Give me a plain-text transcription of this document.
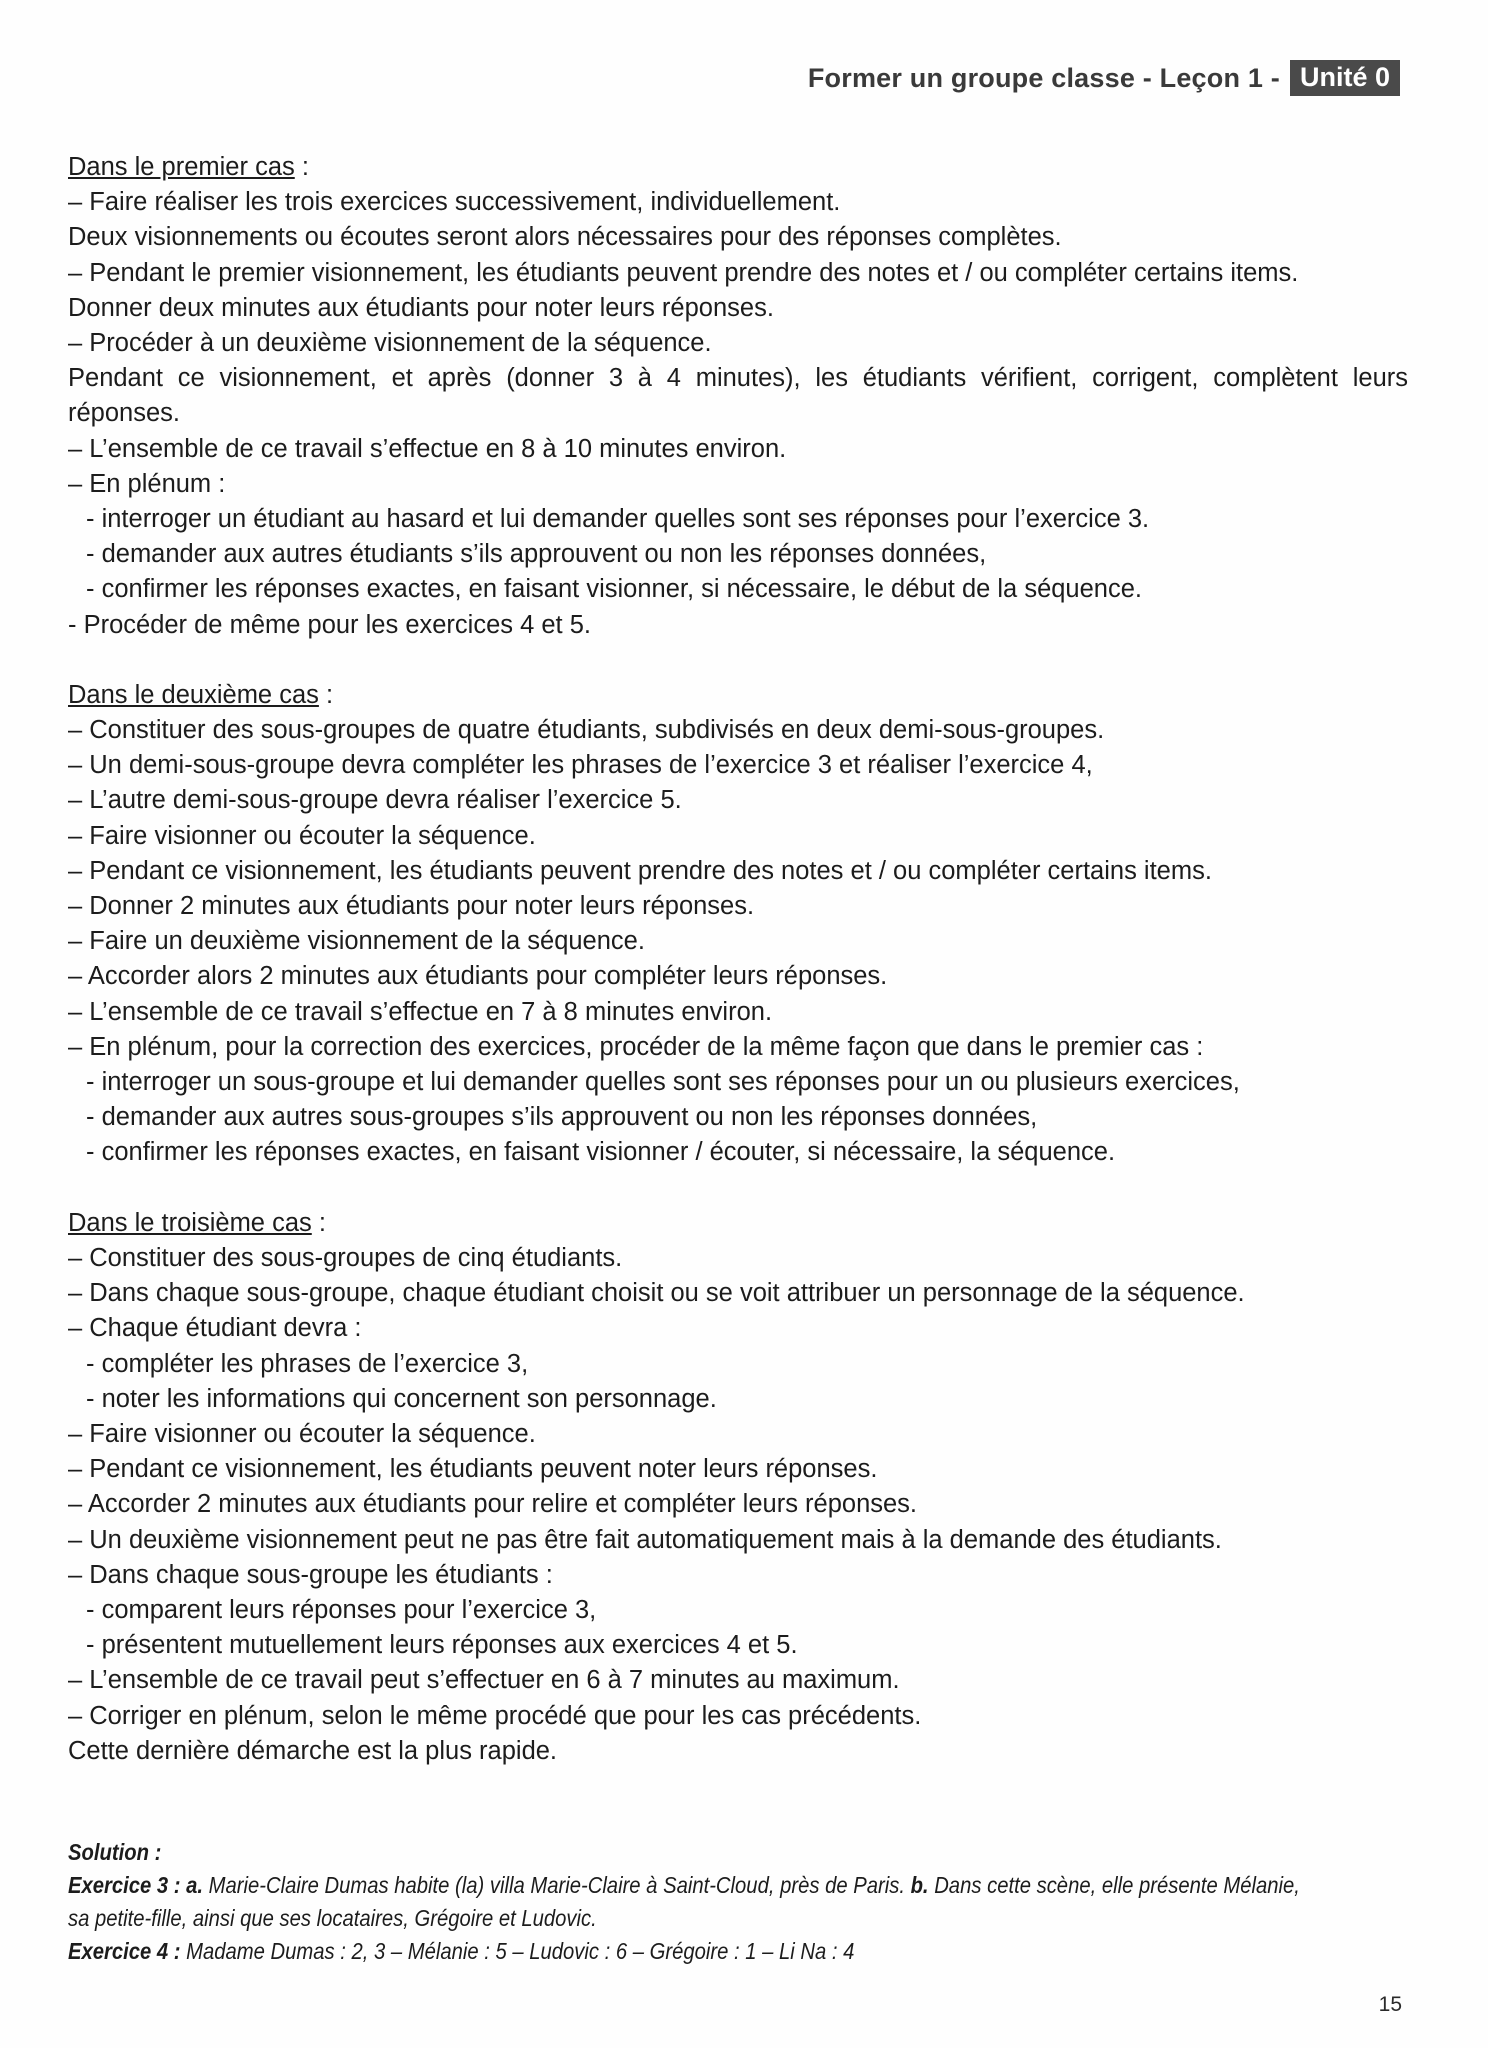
Former un groupe classe - Leçon 1 - Unité 0
Dans le premier cas :
– Faire réaliser les trois exercices successivement, individuellement.
Deux visionnements ou écoutes seront alors nécessaires pour des réponses complètes.
– Pendant le premier visionnement, les étudiants peuvent prendre des notes et / ou compléter certains items.
Donner deux minutes aux étudiants pour noter leurs réponses.
– Procéder à un deuxième visionnement de la séquence.
Pendant ce visionnement, et après (donner 3 à 4 minutes), les étudiants vérifient, corrigent, complètent leurs réponses.
– L’ensemble de ce travail s’effectue en 8 à 10 minutes environ.
– En plénum :
- interroger un étudiant au hasard et lui demander quelles sont ses réponses pour l’exercice 3.
- demander aux autres étudiants s’ils approuvent ou non les réponses données,
- confirmer les réponses exactes, en faisant visionner, si nécessaire, le début de la séquence.
- Procéder de même pour les exercices 4 et 5.
Dans le deuxième cas :
– Constituer des sous-groupes de quatre étudiants, subdivisés en deux demi-sous-groupes.
– Un demi-sous-groupe devra compléter les phrases de l’exercice 3 et réaliser l’exercice 4,
– L’autre demi-sous-groupe devra réaliser l’exercice 5.
– Faire visionner ou écouter la séquence.
– Pendant ce visionnement, les étudiants peuvent prendre des notes et / ou compléter certains items.
– Donner 2 minutes aux étudiants pour noter leurs réponses.
– Faire un deuxième visionnement de la séquence.
– Accorder alors 2 minutes aux étudiants pour compléter leurs réponses.
– L’ensemble de ce travail s’effectue en 7 à 8 minutes environ.
– En plénum, pour la correction des exercices, procéder de la même façon que dans le premier cas :
- interroger un sous-groupe et lui demander quelles sont ses réponses pour un ou plusieurs exercices,
- demander aux autres sous-groupes s’ils approuvent ou non les réponses données,
- confirmer les réponses exactes, en faisant visionner / écouter, si nécessaire, la séquence.
Dans le troisième cas :
– Constituer des sous-groupes de cinq étudiants.
– Dans chaque sous-groupe, chaque étudiant choisit ou se voit attribuer un personnage de la séquence.
– Chaque étudiant devra :
- compléter les phrases de l’exercice 3,
- noter les informations qui concernent son personnage.
– Faire visionner ou écouter la séquence.
– Pendant ce visionnement, les étudiants peuvent noter leurs réponses.
– Accorder 2 minutes aux étudiants pour relire et compléter leurs réponses.
– Un deuxième visionnement peut ne pas être fait automatiquement mais à la demande des étudiants.
– Dans chaque sous-groupe les étudiants :
- comparent leurs réponses pour l’exercice 3,
- présentent mutuellement leurs réponses aux exercices 4 et 5.
– L’ensemble de ce travail peut s’effectuer en 6 à 7 minutes au maximum.
– Corriger en plénum, selon le même procédé que pour les cas précédents.
Cette dernière démarche est la plus rapide.
Solution :
Exercice 3 : a. Marie-Claire Dumas habite (la) villa Marie-Claire à Saint-Cloud, près de Paris. b. Dans cette scène, elle présente Mélanie,
sa petite-fille, ainsi que ses locataires, Grégoire et Ludovic.
Exercice 4 : Madame Dumas : 2, 3 – Mélanie : 5 – Ludovic : 6 – Grégoire : 1 – Li Na : 4
15
